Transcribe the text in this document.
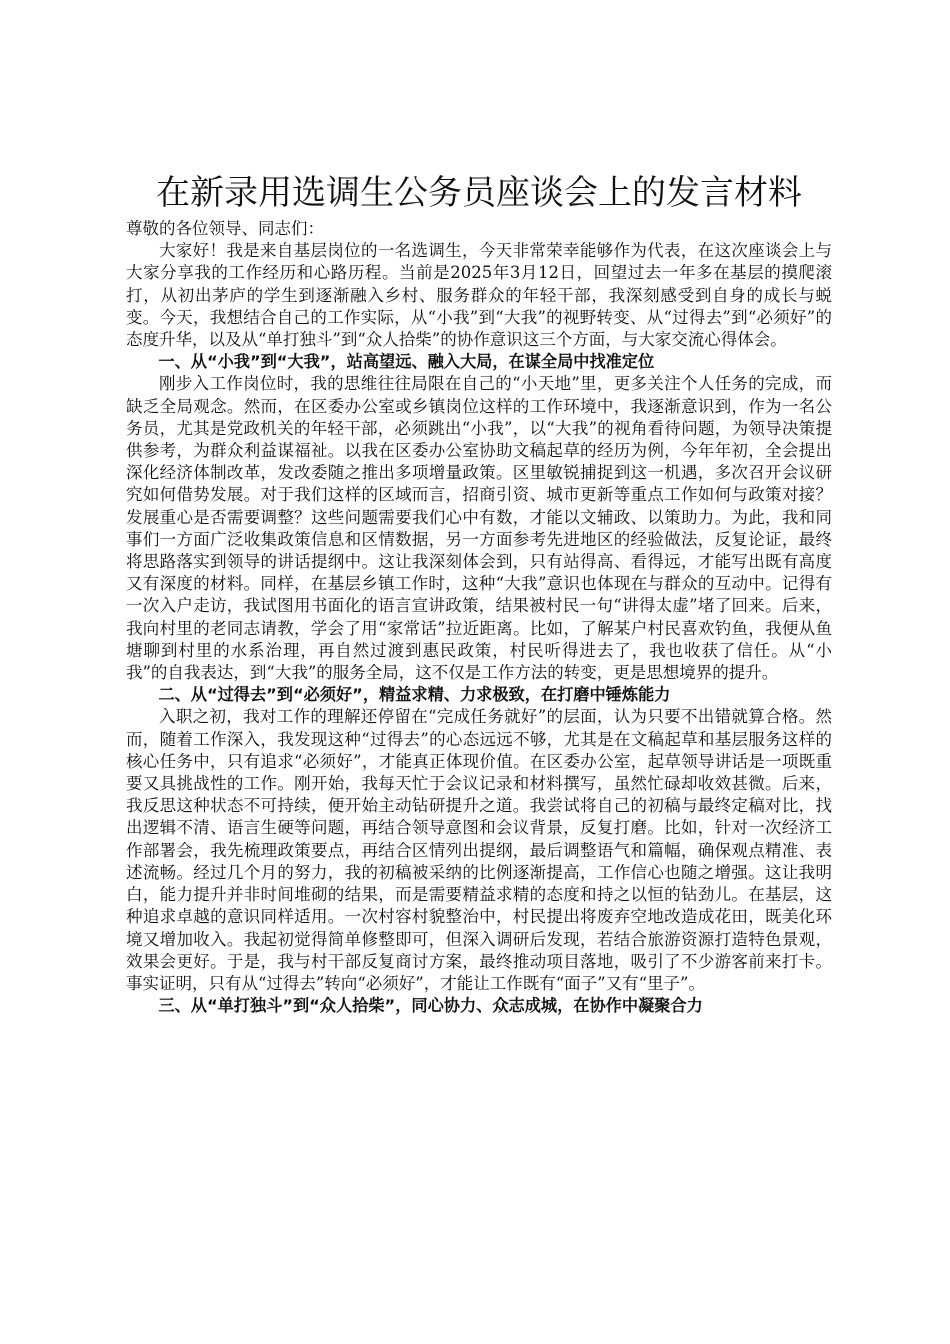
在新录用选调生公务员座谈会上的发言材料

尊敬的各位领导、同志们：

大家好！我是来自基层岗位的一名选调生，今天非常荣幸能够作为代表，在这次座谈会上与大家分享我的工作经历和心路历程。当前是2025年3月12日，回望过去一年多在基层的摸爬滚打，从初出茅庐的学生到逐渐融入乡村、服务群众的年轻干部，我深刻感受到自身的成长与蜕变。今天，我想结合自己的工作实际，从“小我”到“大我”的视野转变、从“过得去”到“必须好”的态度升华，以及从“单打独斗”到“众人拾柴”的协作意识这三个方面，与大家交流心得体会。

一、从“小我”到“大我”，站高望远、融入大局，在谋全局中找准定位

刚步入工作岗位时，我的思维往往局限在自己的“小天地”里，更多关注个人任务的完成，而缺乏全局观念。然而，在区委办公室或乡镇岗位这样的工作环境中，我逐渐意识到，作为一名公务员，尤其是党政机关的年轻干部，必须跳出“小我”，以“大我”的视角看待问题，为领导决策提供参考，为群众利益谋福祉。以我在区委办公室协助文稿起草的经历为例，今年年初，全会提出深化经济体制改革，发改委随之推出多项增量政策。区里敏锐捕捉到这一机遇，多次召开会议研究如何借势发展。对于我们这样的区域而言，招商引资、城市更新等重点工作如何与政策对接？发展重心是否需要调整？这些问题需要我们心中有数，才能以文辅政、以策助力。为此，我和同事们一方面广泛收集政策信息和区情数据，另一方面参考先进地区的经验做法，反复论证，最终将思路落实到领导的讲话提纲中。这让我深刻体会到，只有站得高、看得远，才能写出既有高度又有深度的材料。同样，在基层乡镇工作时，这种“大我”意识也体现在与群众的互动中。记得有一次入户走访，我试图用书面化的语言宣讲政策，结果被村民一句“讲得太虚”堵了回来。后来，我向村里的老同志请教，学会了用“家常话”拉近距离。比如，了解某户村民喜欢钓鱼，我便从鱼塘聊到村里的水系治理，再自然过渡到惠民政策，村民听得进去了，我也收获了信任。从“小我”的自我表达，到“大我”的服务全局，这不仅是工作方法的转变，更是思想境界的提升。

二、从“过得去”到“必须好”，精益求精、力求极致，在打磨中锤炼能力

入职之初，我对工作的理解还停留在“完成任务就好”的层面，认为只要不出错就算合格。然而，随着工作深入，我发现这种“过得去”的心态远远不够，尤其是在文稿起草和基层服务这样的核心任务中，只有追求“必须好”，才能真正体现价值。在区委办公室，起草领导讲话是一项既重要又具挑战性的工作。刚开始，我每天忙于会议记录和材料撰写，虽然忙碌却收效甚微。后来，我反思这种状态不可持续，便开始主动钻研提升之道。我尝试将自己的初稿与最终定稿对比，找出逻辑不清、语言生硬等问题，再结合领导意图和会议背景，反复打磨。比如，针对一次经济工作部署会，我先梳理政策要点，再结合区情列出提纲，最后调整语气和篇幅，确保观点精准、表述流畅。经过几个月的努力，我的初稿被采纳的比例逐渐提高，工作信心也随之增强。这让我明白，能力提升并非时间堆砌的结果，而是需要精益求精的态度和持之以恒的钻劲儿。在基层，这种追求卓越的意识同样适用。一次村容村貌整治中，村民提出将废弃空地改造成花田，既美化环境又增加收入。我起初觉得简单修整即可，但深入调研后发现，若结合旅游资源打造特色景观，效果会更好。于是，我与村干部反复商讨方案，最终推动项目落地，吸引了不少游客前来打卡。事实证明，只有从“过得去”转向“必须好”，才能让工作既有“面子”又有“里子”。

三、从“单打独斗”到“众人拾柴”，同心协力、众志成城，在协作中凝聚合力
